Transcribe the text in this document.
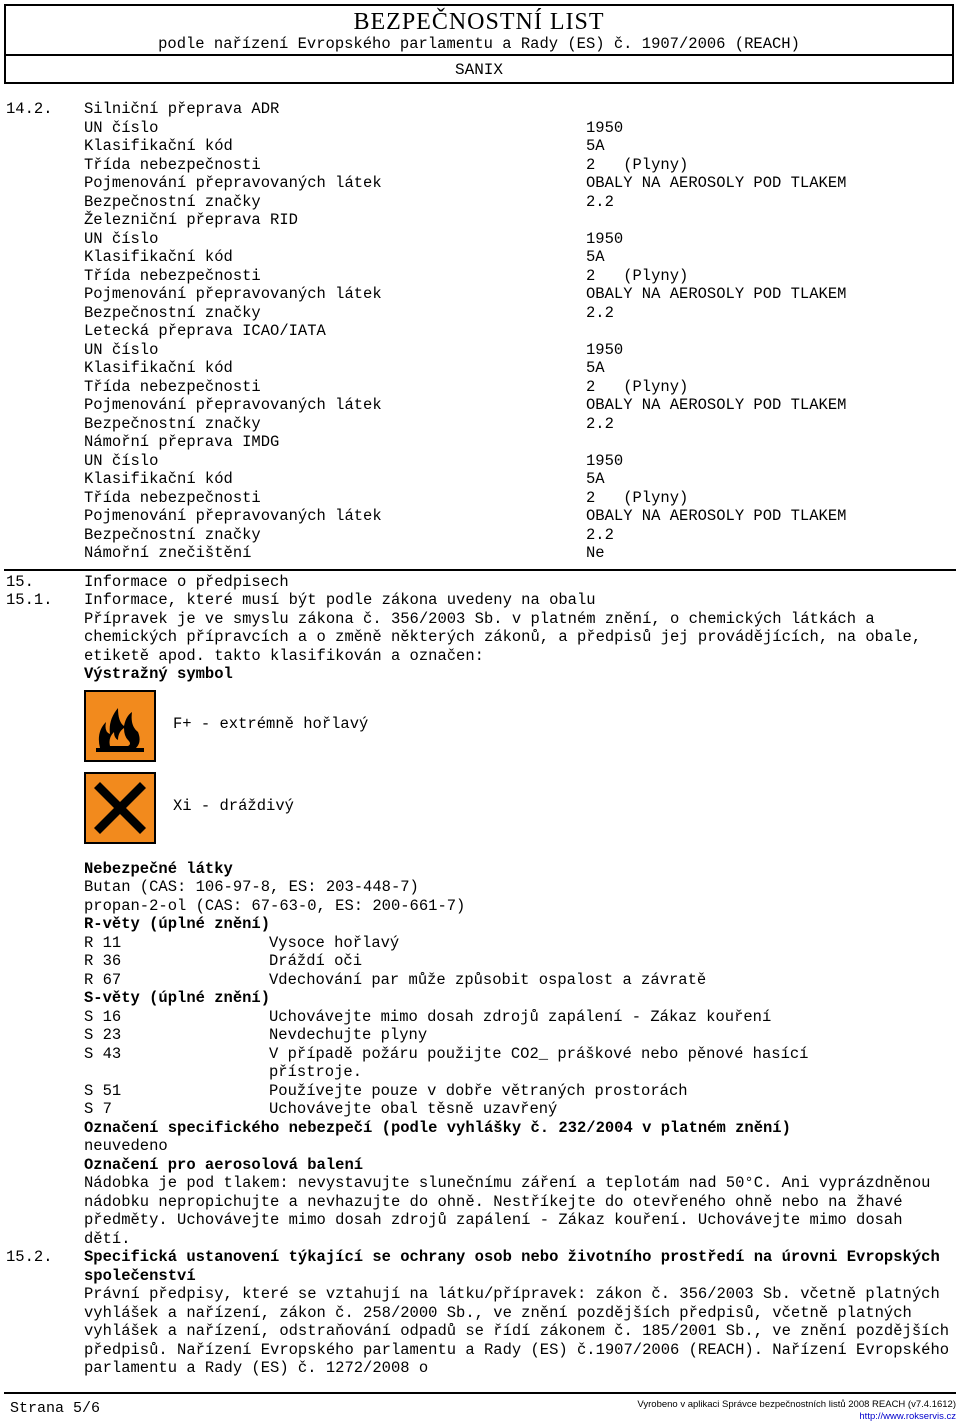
BEZPEČNOSTNÍ LIST
podle nařízení Evropského parlamentu a Rady (ES) č. 1907/2006 (REACH)
SANIX
14.2. Silniční přeprava ADR
UN číslo	1950
Klasifikační kód	5A
Třída nebezpečnosti	2   (Plyny)
Pojmenování přepravovaných látek	OBALY NA AEROSOLY POD TLAKEM
Bezpečnostní značky	2.2
Železniční přeprava RID
UN číslo	1950
Klasifikační kód	5A
Třída nebezpečnosti	2   (Plyny)
Pojmenování přepravovaných látek	OBALY NA AEROSOLY POD TLAKEM
Bezpečnostní značky	2.2
Letecká přeprava ICAO/IATA
UN číslo	1950
Klasifikační kód	5A
Třída nebezpečnosti	2   (Plyny)
Pojmenování přepravovaných látek	OBALY NA AEROSOLY POD TLAKEM
Bezpečnostní značky	2.2
Námořní přeprava IMDG
UN číslo	1950
Klasifikační kód	5A
Třída nebezpečnosti	2   (Plyny)
Pojmenování přepravovaných látek	OBALY NA AEROSOLY POD TLAKEM
Bezpečnostní značky	2.2
Námořní znečištění	Ne
15.	Informace o předpisech
15.1. Informace, které musí být podle zákona uvedeny na obalu
Přípravek je ve smyslu zákona č. 356/2003 Sb. v platném znění, o chemických látkách a chemických přípravcích a o změně některých zákonů, a předpisů jej provádějících, na obale, etiketě apod. takto klasifikován a označen:
Výstražný symbol
F+ - extrémně hořlavý
Xi - dráždivý
Nebezpečné látky
Butan (CAS: 106-97-8, ES: 203-448-7)
propan-2-ol (CAS: 67-63-0, ES: 200-661-7)
R-věty (úplné znění)
R 11	Vysoce hořlavý
R 36	Dráždí oči
R 67	Vdechování par může způsobit ospalost a závratě
S-věty (úplné znění)
S 16	Uchovávejte mimo dosah zdrojů zapálení - Zákaz kouření
S 23	Nevdechujte plyny
S 43	V případě požáru použijte CO2_ práškové nebo pěnové hasící
přístroje.
S 51	Používejte pouze v dobře větraných prostorách
S 7	Uchovávejte obal těsně uzavřený
Označení specifického nebezpečí (podle vyhlášky č. 232/2004 v platném znění)
neuvedeno
Označení pro aerosolová balení
Nádobka je pod tlakem: nevystavujte slunečnímu záření a teplotám nad 50°C. Ani vyprázdněnou nádobku nepropichujte a nevhazujte do ohně. Nestříkejte do otevřeného ohně nebo na žhavé předměty. Uchovávejte mimo dosah zdrojů zapálení - Zákaz kouření. Uchovávejte mimo dosah dětí.
15.2. Specifická ustanovení týkající se ochrany osob nebo životního prostředí na úrovni Evropských společenství
Právní předpisy, které se vztahují na látku/přípravek: zákon č. 356/2003 Sb. včetně platných vyhlášek a nařízení, zákon č. 258/2000 Sb., ve znění pozdějších předpisů, včetně platných vyhlášek a nařízení, odstraňování odpadů se řídí zákonem č. 185/2001 Sb., ve znění pozdějších předpisů. Nařízení Evropského parlamentu a Rady (ES) č.1907/2006 (REACH). Nařízení Evropského parlamentu a Rady (ES) č. 1272/2008 o
Strana 5/6	Vyrobeno v aplikaci Správce bezpečnostních listů 2008 REACH (v7.4.1612)
http://www.rokservis.cz
